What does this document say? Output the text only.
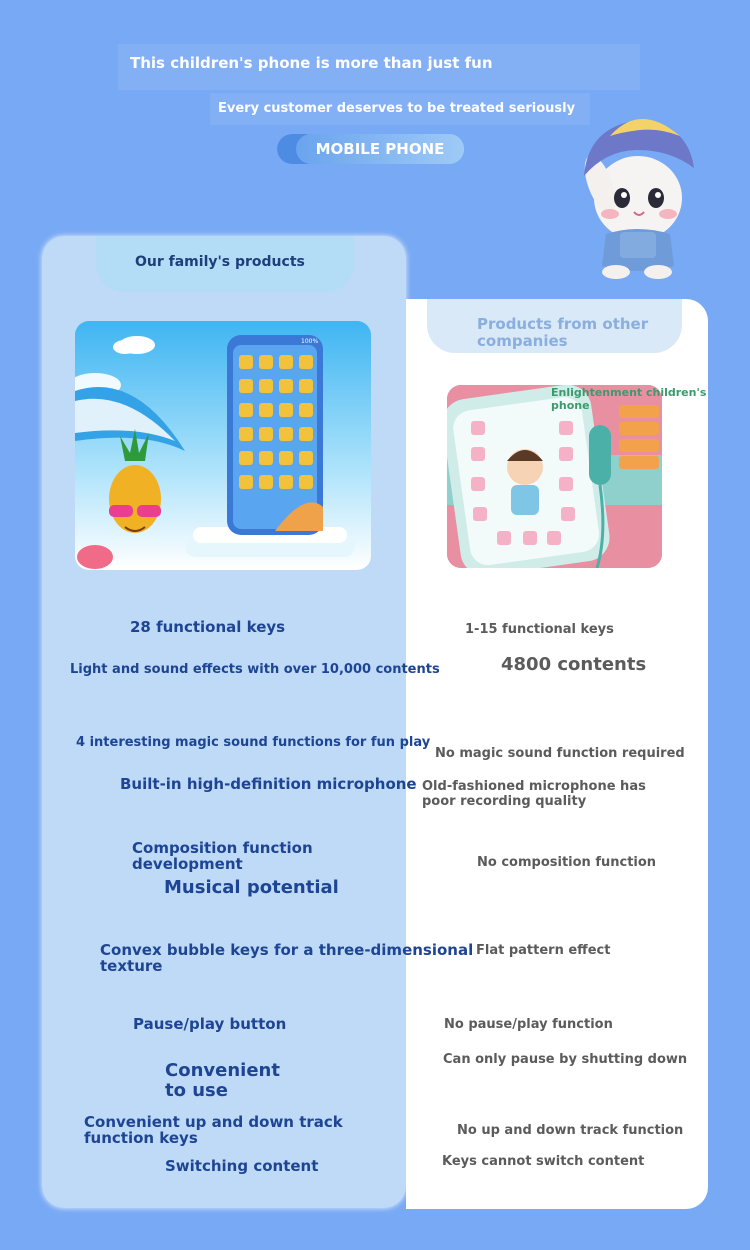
This children's phone is more than just fun
Every customer deserves to be treated seriously
MOBILE PHONE
Our family's products
Products from other companies
100%
Enlightenment children's phone
28 functional keys
Light and sound effects with over 10,000 contents
4 interesting magic sound functions for fun play
Built-in high-definition microphone
Composition function development
Musical potential
Convex bubble keys for a three-dimensional texture
Pause/play button
Convenient to use
Convenient up and down track function keys
Switching content
1-15 functional keys
4800 contents
No magic sound function required
Old-fashioned microphone has poor recording quality
No composition function
Flat pattern effect
No pause/play function
Can only pause by shutting down
No up and down track function
Keys cannot switch content
